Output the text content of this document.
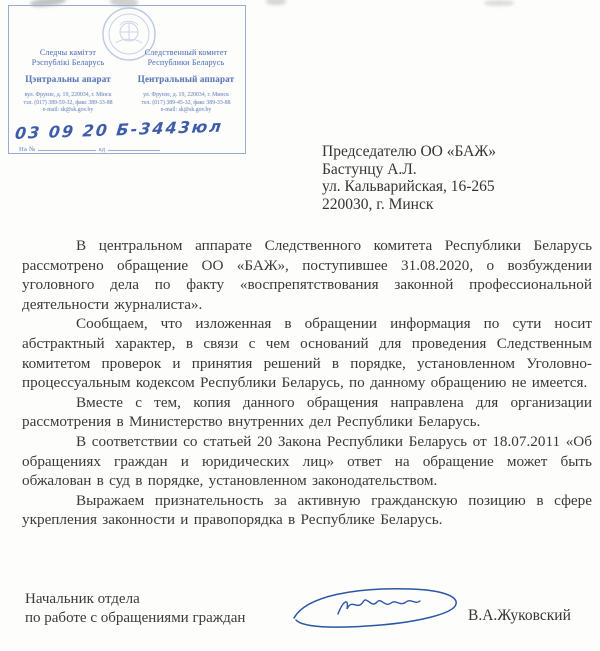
Следчы камітэт
Рэспублікі Беларусь
Цэнтральны апарат
вул. Фрунзе, д. 19, 220034, г. Мінск
тэл. (017) 389-59-32, факс 389-33-88
e-mail: sk@sk.gov.by
Следственный комитет
Республики Беларусь
Центральный аппарат
ул. Фрунзе, д. 19, 220034, г. Минск
тел. (017) 389-45-32, факс 389-33-88
e-mail: sk@sk.gov.by
03 09 20 Б-3443юл
На №	ад	Председателю ОО «БАЖ»
Бастунцу А.Л.
ул. Кальварийская, 16-265
220030, г. Минск

В центральном аппарате Следственного комитета Республики Беларусь рассмотрено обращение ОО «БАЖ», поступившее 31.08.2020, о возбуждении уголовного дела по факту «воспрепятствования законной профессиональной деятельности журналиста».

Сообщаем, что изложенная в обращении информация по сути носит абстрактный характер, в связи с чем оснований для проведения Следственным комитетом проверок и принятия решений в порядке, установленном Уголовно-процессуальным кодексом Республики Беларусь, по данному обращению не имеется.

Вместе с тем, копия данного обращения направлена для организации рассмотрения в Министерство внутренних дел Республики Беларусь.

В соответствии со статьей 20 Закона Республики Беларусь от 18.07.2011 «Об обращениях граждан и юридических лиц» ответ на обращение может быть обжалован в суд в порядке, установленном законодательством.

Выражаем признательность за активную гражданскую позицию в сфере укрепления законности и правопорядка в Республике Беларусь.

Начальник отдела
по работе с обращениями граждан	В.А.Жуковский
